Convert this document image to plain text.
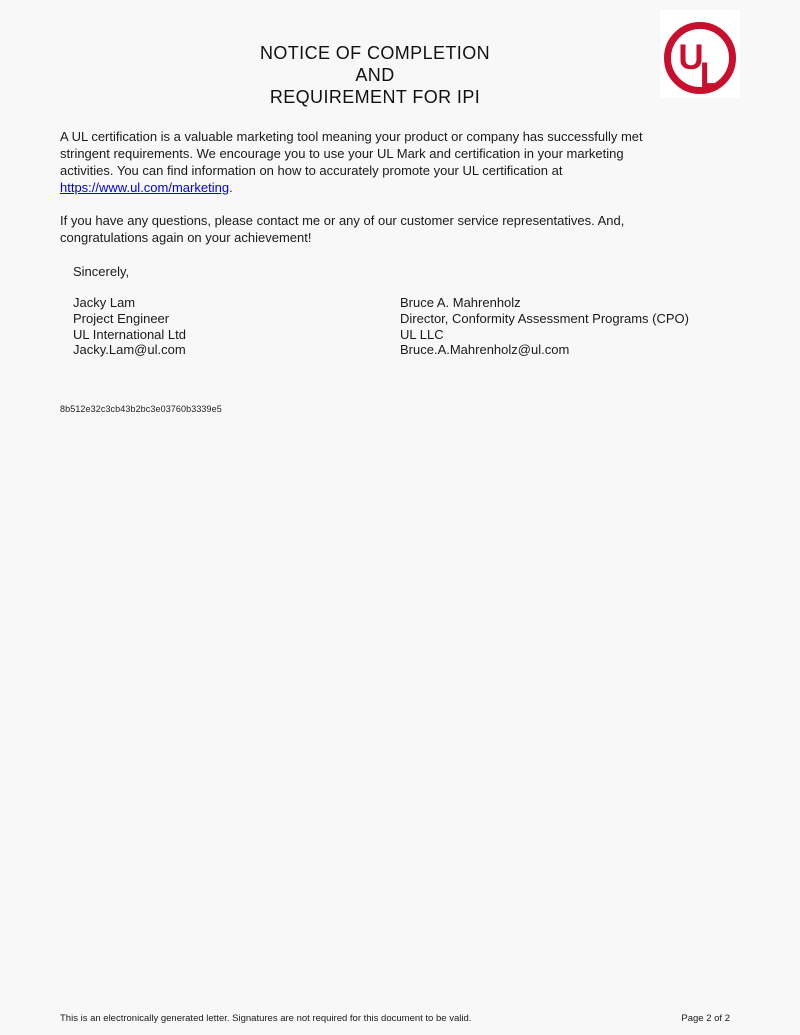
U
L
NOTICE OF COMPLETION
AND
REQUIREMENT FOR IPI
A UL certification is a valuable marketing tool meaning your product or company has successfully met
stringent requirements. We encourage you to use your UL Mark and certification in your marketing
activities. You can find information on how to accurately promote your UL certification at
https://www.ul.com/marketing.
If you have any questions, please contact me or any of our customer service representatives. And,
congratulations again on your achievement!
Sincerely,
Jacky Lam
Project Engineer
UL International Ltd
Jacky.Lam@ul.com
Bruce A. Mahrenholz
Director, Conformity Assessment Programs (CPO)
UL LLC
Bruce.A.Mahrenholz@ul.com
8b512e32c3cb43b2bc3e03760b3339e5
This is an electronically generated letter. Signatures are not required for this document to be valid.	Page 2 of 2
